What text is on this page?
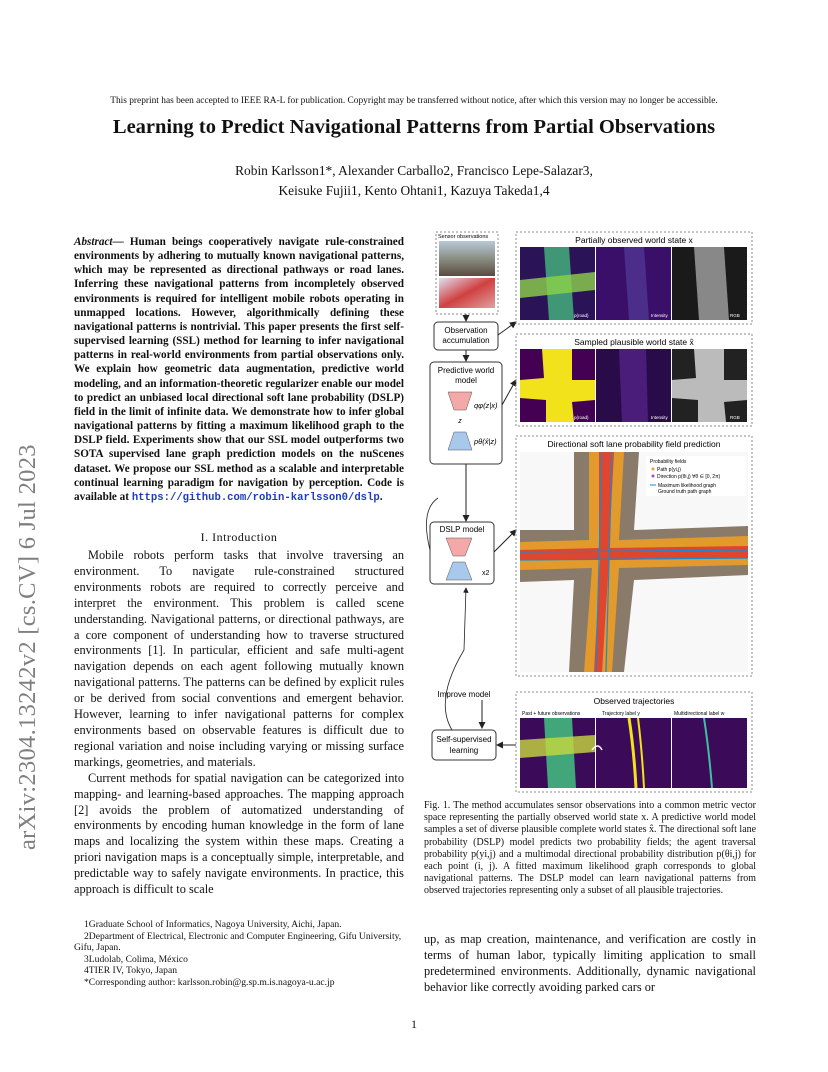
This preprint has been accepted to IEEE RA-L for publication. Copyright may be transferred without notice, after which this version may no longer be accessible.
Learning to Predict Navigational Patterns from Partial Observations
Robin Karlsson1*, Alexander Carballo2, Francisco Lepe-Salazar3,
Keisuke Fujii1, Kento Ohtani1, Kazuya Takeda1,4
arXiv:2304.13242v2 [cs.CV] 6 Jul 2023
Abstract— Human beings cooperatively navigate rule-constrained environments by adhering to mutually known navigational patterns, which may be represented as directional pathways or road lanes. Inferring these navigational patterns from incompletely observed environments is required for intelligent mobile robots operating in unmapped locations. However, algorithmically defining these navigational patterns is nontrivial. This paper presents the first self-supervised learning (SSL) method for learning to infer navigational patterns in real-world environments from partial observations only. We explain how geometric data augmentation, predictive world modeling, and an information-theoretic regularizer enable our model to predict an unbiased local directional soft lane probability (DSLP) field in the limit of infinite data. We demonstrate how to infer global navigational patterns by fitting a maximum likelihood graph to the DSLP field. Experiments show that our SSL model outperforms two SOTA supervised lane graph prediction models on the nuScenes dataset. We propose our SSL method as a scalable and interpretable continual learning paradigm for navigation by perception. Code is available at https://github.com/robin-karlsson0/dslp.
I. Introduction

Mobile robots perform tasks that involve traversing an environment. To navigate rule-constrained structured environments robots are required to correctly perceive and interpret the environment. This problem is called scene understanding. Navigational patterns, or directional pathways, are a core component of understanding how to traverse structured environments [1]. In particular, efficient and safe multi-agent navigation depends on each agent following mutually known navigational patterns. The patterns can be defined by explicit rules or be derived from social conventions and emergent behavior. However, learning to infer navigational patterns for complex environments based on observable features is difficult due to regional variation and noise including varying or missing surface markings, geometries, and materials.

Current methods for spatial navigation can be categorized into mapping- and learning-based approaches. The mapping approach [2] avoids the problem of automatized understanding of environments by encoding human knowledge in the form of lane maps and localizing the system within these maps. Creating a priori navigation maps is a conceptually simple, interpretable, and predictable way to safely navigate environments. In practice, this approach is difficult to scale

1Graduate School of Informatics, Nagoya University, Aichi, Japan.

2Department of Electrical, Electronic and Computer Engineering, Gifu University, Gifu, Japan.

3Ludolab, Colima, México

4TIER IV, Tokyo, Japan

*Corresponding author: karlsson.robin@g.sp.m.is.nagoya-u.ac.jp

Sensor observations
Observation
accumulation
Predictive world
model
qφ(z|x)
z
pθ(x̂|z)
DSLP model
x2
Improve model
Self-supervised
learning
Partially observed world state x
p(road)	Intensity	RGB
Sampled plausible world state x̂
p(road)	Intensity	RGB
Directional soft lane probability field prediction
Probability fields
Path p(yi,j)
Direction p(θi,j) ∀θ ∈ [0, 2π)
Maximum likelihood graph
Ground truth path graph
Observed trajectories
Past + future observations	Trajectory label y	Multidirectional label w
Fig. 1. The method accumulates sensor observations into a common metric vector space representing the partially observed world state x. A predictive world model samples a set of diverse plausible complete world states x̂. The directional soft lane probability (DSLP) model predicts two probability fields; the agent traversal probability p(yi,j) and a multimodal directional probability distribution p(θi,j) for each point (i, j). A fitted maximum likelihood graph corresponds to global navigational patterns. The DSLP model can learn navigational patterns from observed trajectories representing only a subset of all plausible trajectories.
up, as map creation, maintenance, and verification are costly in terms of human labor, typically limiting application to small predetermined environments. Additionally, dynamic navigational behavior like correctly avoiding parked cars or
1
